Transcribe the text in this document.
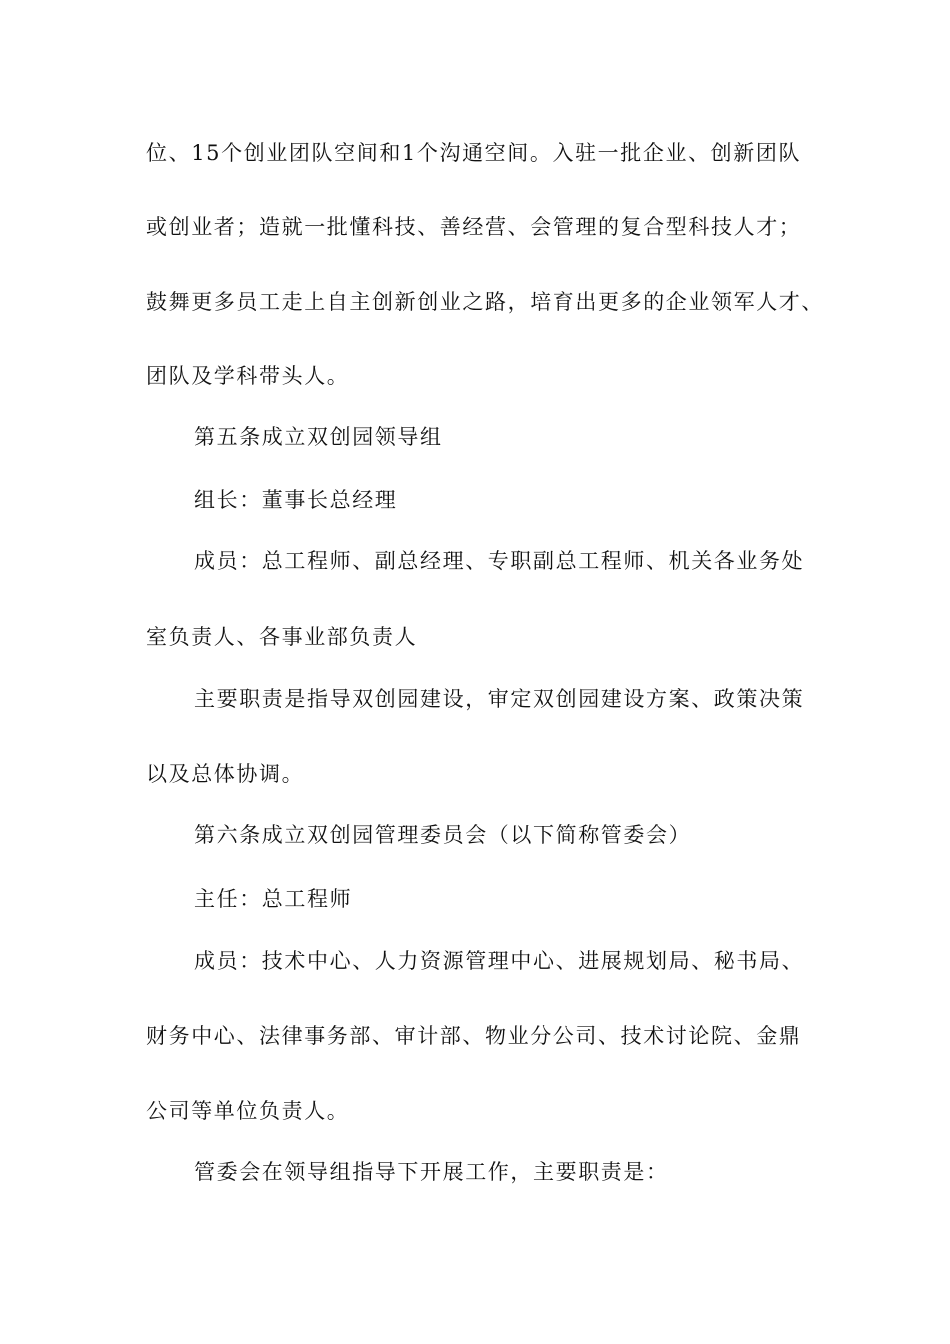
位、15个创业团队空间和1个沟通空间。入驻一批企业、创新团队
或创业者；造就一批懂科技、善经营、会管理的复合型科技人才；
鼓舞更多员工走上自主创新创业之路，培育出更多的企业领军人才、
团队及学科带头人。
第五条成立双创园领导组
组长：董事长总经理
成员：总工程师、副总经理、专职副总工程师、机关各业务处
室负责人、各事业部负责人
主要职责是指导双创园建设，审定双创园建设方案、政策决策
以及总体协调。
第六条成立双创园管理委员会（以下简称管委会）
主任：总工程师
成员：技术中心、人力资源管理中心、进展规划局、秘书局、
财务中心、法律事务部、审计部、物业分公司、技术讨论院、金鼎
公司等单位负责人。
管委会在领导组指导下开展工作，主要职责是：
